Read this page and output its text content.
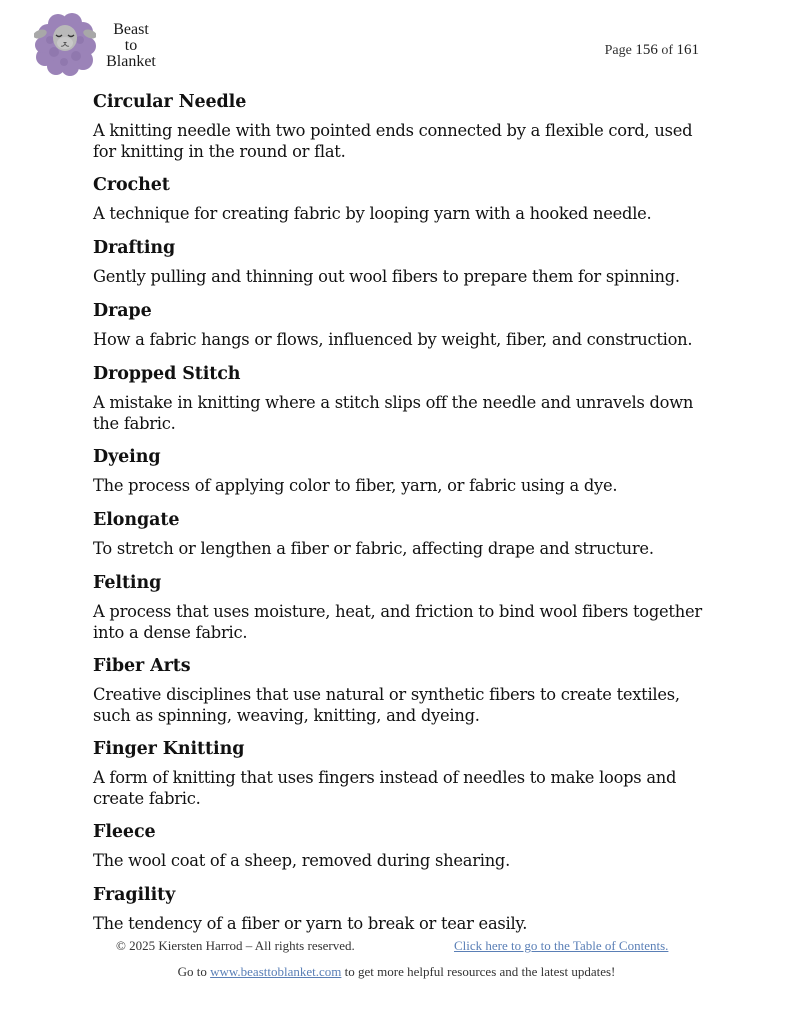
Beast
to
Blanket
Page 156 of 161
Circular Needle
A knitting needle with two pointed ends connected by a flexible cord, used for knitting in the round or flat.
Crochet
A technique for creating fabric by looping yarn with a hooked needle.
Drafting
Gently pulling and thinning out wool fibers to prepare them for spinning.
Drape
How a fabric hangs or flows, influenced by weight, fiber, and construction.
Dropped Stitch
A mistake in knitting where a stitch slips off the needle and unravels down the fabric.
Dyeing
The process of applying color to fiber, yarn, or fabric using a dye.
Elongate
To stretch or lengthen a fiber or fabric, affecting drape and structure.
Felting
A process that uses moisture, heat, and friction to bind wool fibers together into a dense fabric.
Fiber Arts
Creative disciplines that use natural or synthetic fibers to create textiles, such as spinning, weaving, knitting, and dyeing.
Finger Knitting
A form of knitting that uses fingers instead of needles to make loops and create fabric.
Fleece
The wool coat of a sheep, removed during shearing.
Fragility
The tendency of a fiber or yarn to break or tear easily.
© 2025 Kiersten Harrod – All rights reserved.	Click here to go to the Table of Contents.
Go to www.beasttoblanket.com to get more helpful resources and the latest updates!
